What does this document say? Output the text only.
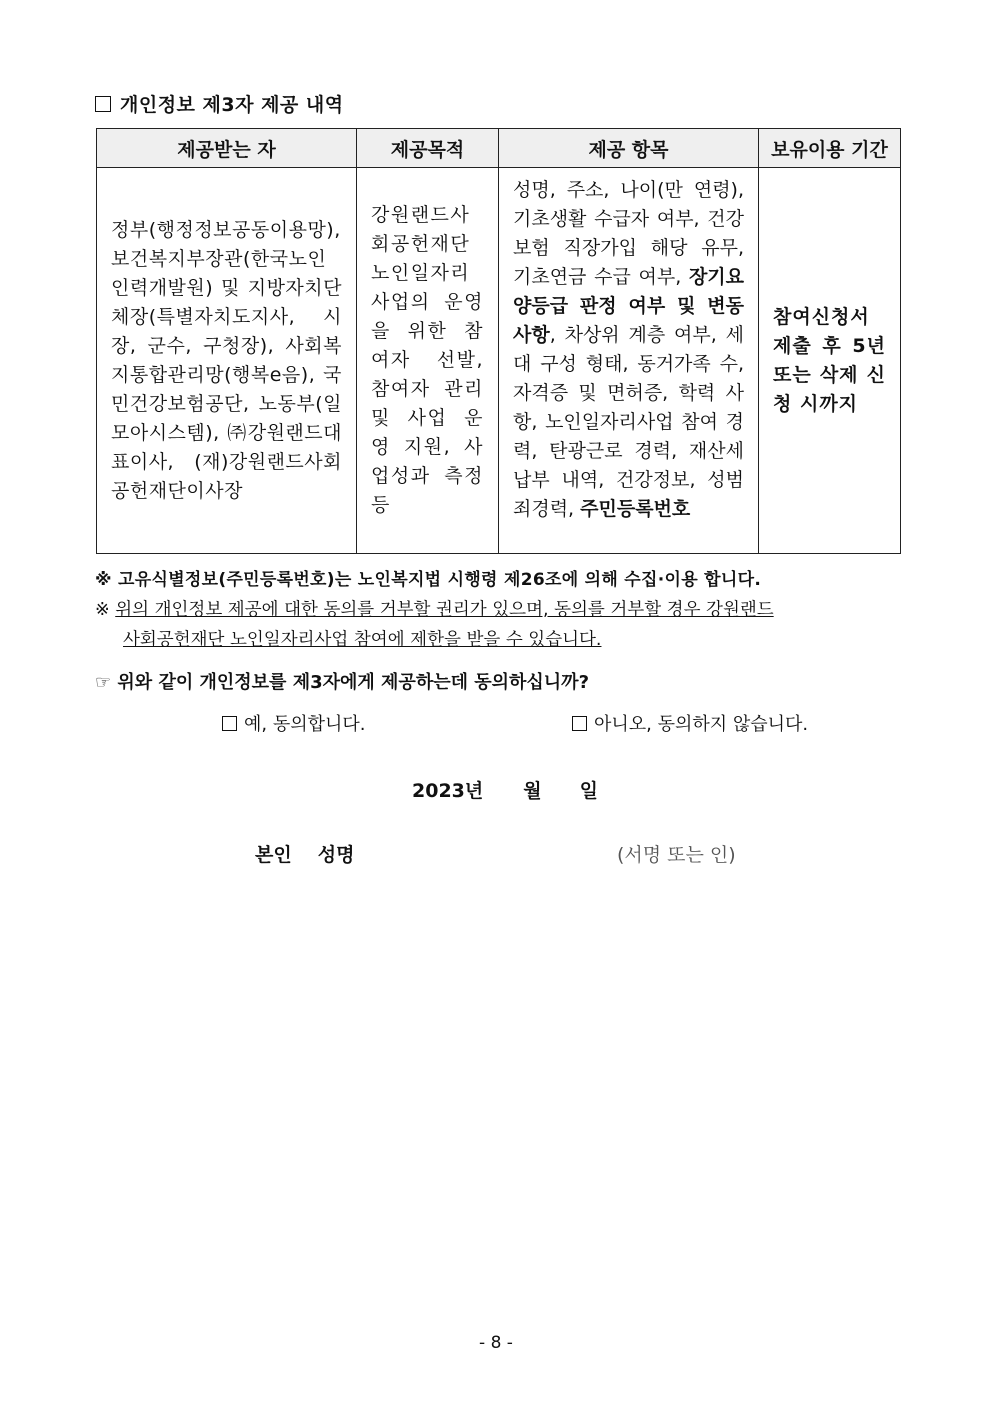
개인정보 제3자 제공 내역
제공받는 자	제공목적	제공 항목	보유이용 기간
정부(행정정보공동이용망), 보건복지부장관(한국노인인력개발원) 및 지방자치단체장(특별자치도지사, 시장, 군수, 구청장), 사회복지통합관리망(행복e음), 국민건강보험공단, 노동부(일모아시스템), ㈜강원랜드대표이사, (재)강원랜드사회공헌재단이사장	강원랜드사회공헌재단 노인일자리사업의 운영을 위한 참여자 선발, 참여자 관리 및 사업 운영 지원, 사업성과 측정 등	성명, 주소, 나이(만 연령), 기초생활 수급자 여부, 건강보험 직장가입 해당 유무, 기초연금 수급 여부, 장기요양등급 판정 여부 및 변동 사항, 차상위 계층 여부, 세대 구성 형태, 동거가족 수, 자격증 및 면허증, 학력 사항, 노인일자리사업 참여 경력, 탄광근로 경력, 재산세 납부 내역, 건강정보, 성범죄경력, 주민등록번호	참여신청서 제출 후 5년 또는 삭제 신청 시까지
※ 고유식별정보(주민등록번호)는 노인복지법 시행령 제26조에 의해 수집·이용 합니다.
※ 위의 개인정보 제공에 대한 동의를 거부할 권리가 있으며, 동의를 거부할 경우 강원랜드
사회공헌재단 노인일자리사업 참여에 제한을 받을 수 있습니다.
☞ 위와 같이 개인정보를 제3자에게 제공하는데 동의하십니까?
예, 동의합니다.	아니오, 동의하지 않습니다.
2023년 월 일
본인 성명	(서명 또는 인)
- 8 -
